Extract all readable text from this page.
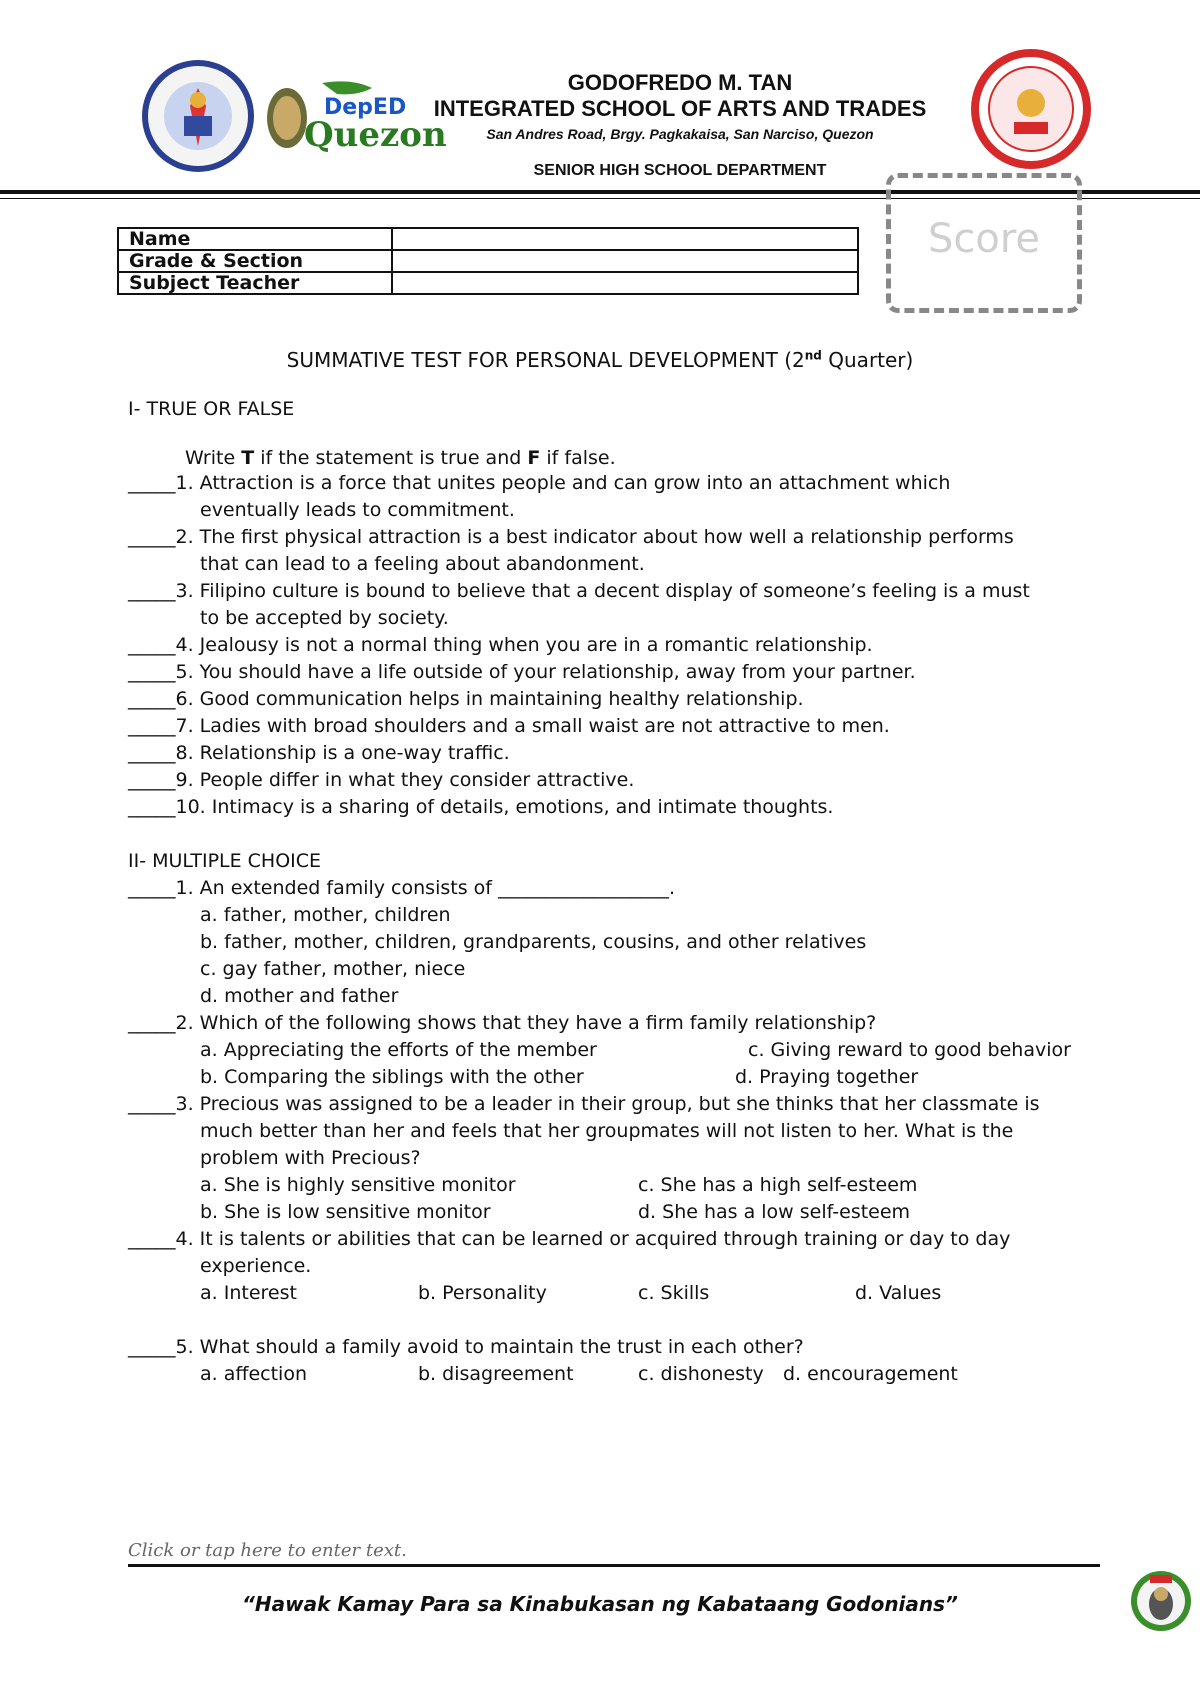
DepED
Quezon
GODOFREDO M. TAN
INTEGRATED SCHOOL OF ARTS AND TRADES
San Andres Road, Brgy. Pagkakaisa, San Narciso, Quezon
SENIOR HIGH SCHOOL DEPARTMENT
Name	
Grade & Section	
Subject Teacher	
Score
SUMMATIVE TEST FOR PERSONAL DEVELOPMENT (2nd Quarter)
I- TRUE OR FALSE
Write T if the statement is true and F if false.
_____1. Attraction is a force that unites people and can grow into an attachment which
eventually leads to commitment.
_____2. The first physical attraction is a best indicator about how well a relationship performs
that can lead to a feeling about abandonment.
_____3. Filipino culture is bound to believe that a decent display of someone’s feeling is a must
to be accepted by society.
_____4. Jealousy is not a normal thing when you are in a romantic relationship.
_____5. You should have a life outside of your relationship, away from your partner.
_____6. Good communication helps in maintaining healthy relationship.
_____7. Ladies with broad shoulders and a small waist are not attractive to men.
_____8. Relationship is a one-way traffic.
_____9. People differ in what they consider attractive.
_____10. Intimacy is a sharing of details, emotions, and intimate thoughts.
II- MULTIPLE CHOICE
_____1. An extended family consists of __________________.
a. father, mother, children
b. father, mother, children, grandparents, cousins, and other relatives
c. gay father, mother, niece
d. mother and father
_____2. Which of the following shows that they have a firm family relationship?
a. Appreciating the efforts of the member	c. Giving reward to good behavior
b. Comparing the siblings with the other	d. Praying together
_____3. Precious was assigned to be a leader in their group, but she thinks that her classmate is
much better than her and feels that her groupmates will not listen to her. What is the
problem with Precious?
a. She is highly sensitive monitor	c. She has a high self-esteem
b. She is low sensitive monitor	d. She has a low self-esteem
_____4. It is talents or abilities that can be learned or acquired through training or day to day
experience.
a. Interest	b. Personality	c. Skills	d. Values
_____5. What should a family avoid to maintain the trust in each other?
a. affection	b. disagreement	c. dishonesty d. encouragement
Click or tap here to enter text.
“Hawak Kamay Para sa Kinabukasan ng Kabataang Godonians”
